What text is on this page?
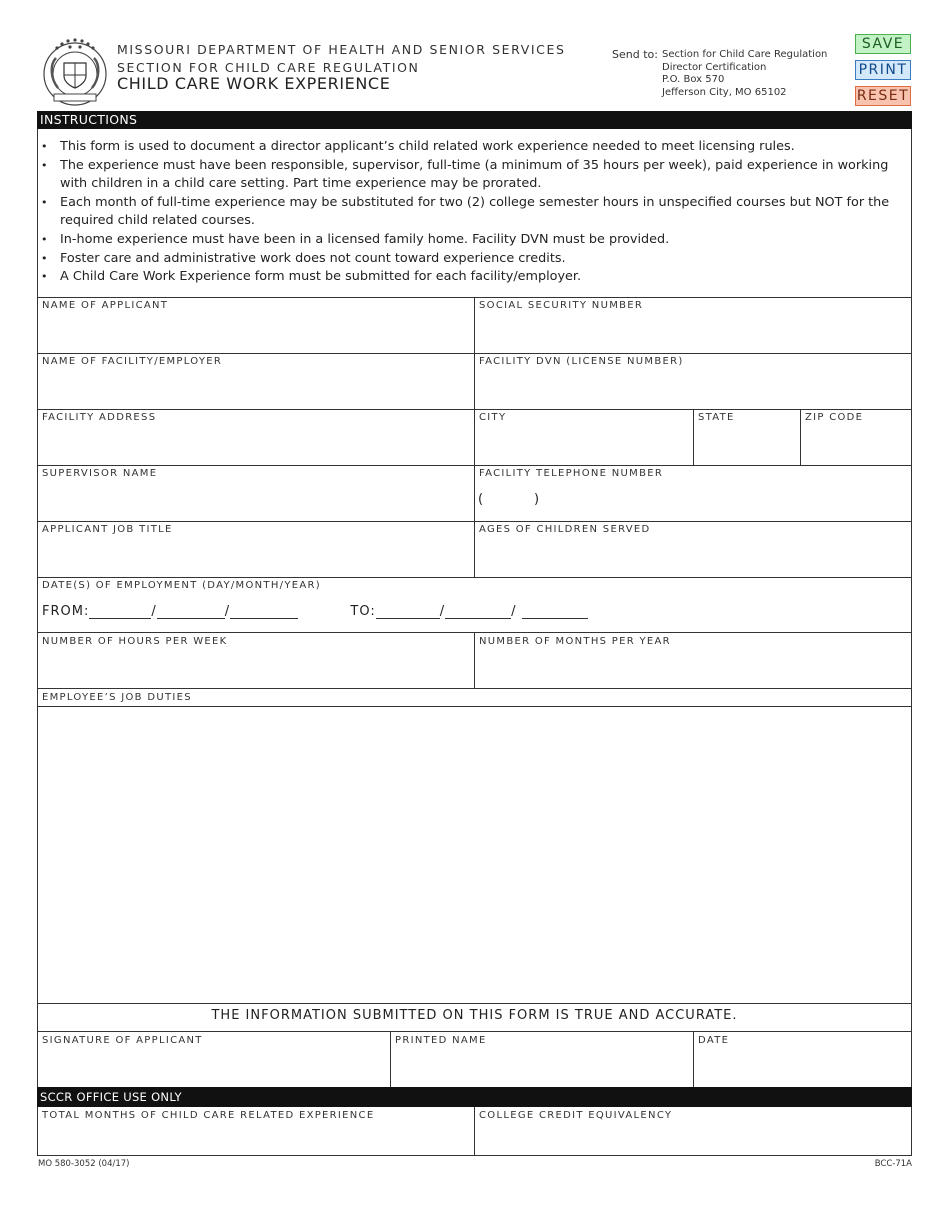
MISSOURI DEPARTMENT OF HEALTH AND SENIOR SERVICES
SECTION FOR CHILD CARE REGULATION
CHILD CARE WORK EXPERIENCE
Send to: Section for Child Care Regulation
Director Certification
P.O. Box 570
Jefferson City, MO 65102
SAVE
PRINT
RESET
INSTRUCTIONS
• This form is used to document a director applicant’s child related work experience needed to meet licensing rules.
• The experience must have been responsible, supervisor, full-time (a minimum of 35 hours per week), paid experience in working with children in a child care setting. Part time experience may be prorated.
• Each month of full-time experience may be substituted for two (2) college semester hours in unspecified courses but NOT for the required child related courses.
• In-home experience must have been in a licensed family home. Facility DVN must be provided.
• Foster care and administrative work does not count toward experience credits.
• A Child Care Work Experience form must be submitted for each facility/employer.
NAME OF APPLICANT	SOCIAL SECURITY NUMBER
NAME OF FACILITY/EMPLOYER	FACILITY DVN (LICENSE NUMBER)
FACILITY ADDRESS	CITY	STATE	ZIP CODE
SUPERVISOR NAME	FACILITY TELEPHONE NUMBER
(	)
APPLICANT JOB TITLE	AGES OF CHILDREN SERVED
DATE(S) OF EMPLOYMENT (DAY/MONTH/YEAR)
FROM:	/	/	TO:	/	/
NUMBER OF HOURS PER WEEK	NUMBER OF MONTHS PER YEAR
EMPLOYEE’S JOB DUTIES
THE INFORMATION SUBMITTED ON THIS FORM IS TRUE AND ACCURATE.
SIGNATURE OF APPLICANT	PRINTED NAME	DATE
SCCR OFFICE USE ONLY
TOTAL MONTHS OF CHILD CARE RELATED EXPERIENCE	COLLEGE CREDIT EQUIVALENCY
MO 580-3052 (04/17)	BCC-71A
